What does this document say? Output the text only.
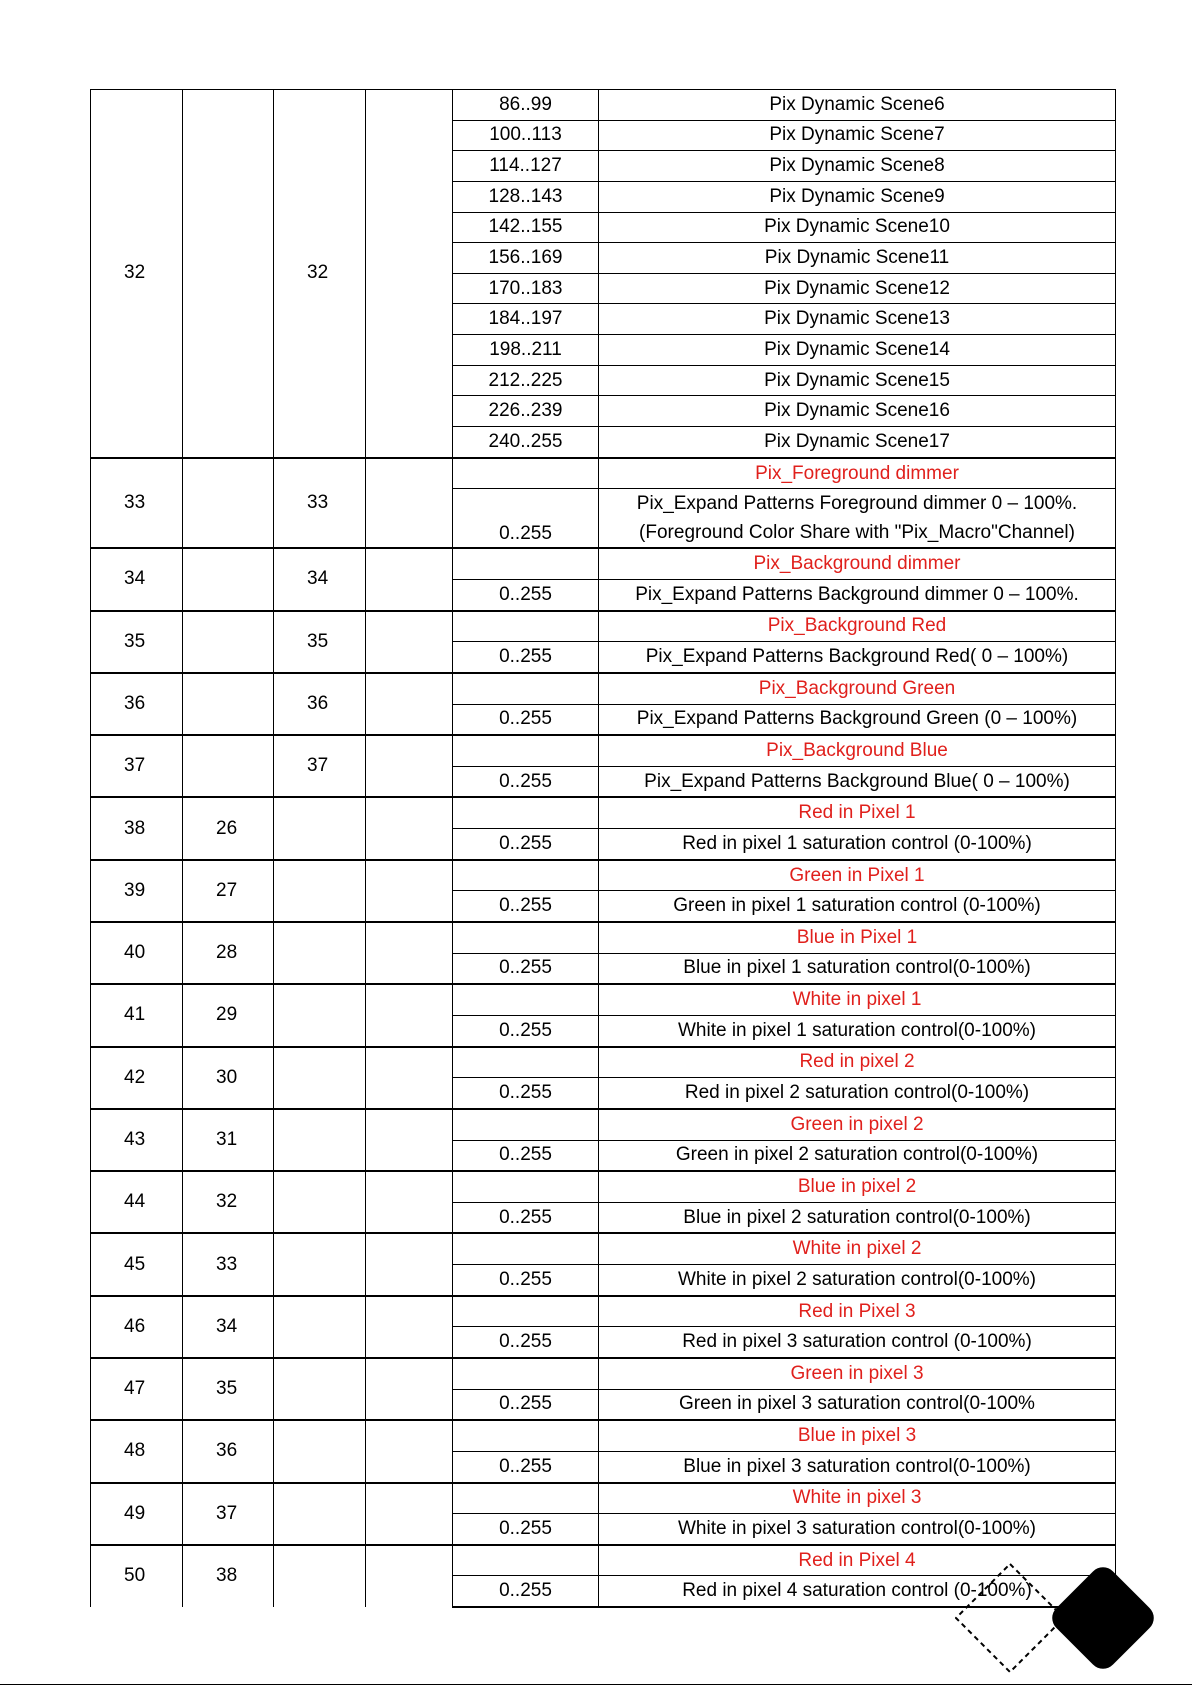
32		32		86..99	Pix Dynamic Scene6
				100..113	Pix Dynamic Scene7
				114..127	Pix Dynamic Scene8
				128..143	Pix Dynamic Scene9
				142..155	Pix Dynamic Scene10
				156..169	Pix Dynamic Scene11
				170..183	Pix Dynamic Scene12
				184..197	Pix Dynamic Scene13
				198..211	Pix Dynamic Scene14
				212..225	Pix Dynamic Scene15
				226..239	Pix Dynamic Scene16
				240..255	Pix Dynamic Scene17
33		33			Pix_Foreground dimmer
				0..255	Pix_Expand Patterns Foreground dimmer 0 – 100%.
(Foreground Color Share with "Pix_Macro"Channel)

34		34			Pix_Background dimmer
				0..255	Pix_Expand Patterns Background dimmer 0 – 100%.
35		35			Pix_Background Red
				0..255	Pix_Expand Patterns Background Red( 0 – 100%)
36		36			Pix_Background Green
				0..255	Pix_Expand Patterns Background Green (0 – 100%)
37		37			Pix_Background Blue
				0..255	Pix_Expand Patterns Background Blue( 0 – 100%)
38	26				Red in Pixel 1
				0..255	Red in pixel 1 saturation control (0-100%)
39	27				Green in Pixel 1
				0..255	Green in pixel 1 saturation control (0-100%)
40	28				Blue in Pixel 1
				0..255	Blue in pixel 1 saturation control(0-100%)
41	29				White in pixel 1
				0..255	White in pixel 1 saturation control(0-100%)
42	30				Red in pixel 2
				0..255	Red in pixel 2 saturation control(0-100%)
43	31				Green in pixel 2
				0..255	Green in pixel 2 saturation control(0-100%)
44	32				Blue in pixel 2
				0..255	Blue in pixel 2 saturation control(0-100%)
45	33				White in pixel 2
				0..255	White in pixel 2 saturation control(0-100%)
46	34				Red in Pixel 3
				0..255	Red in pixel 3 saturation control (0-100%)
47	35				Green in pixel 3
				0..255	Green in pixel 3 saturation control(0-100%
48	36				Blue in pixel 3
				0..255	Blue in pixel 3 saturation control(0-100%)
49	37				White in pixel 3
				0..255	White in pixel 3 saturation control(0-100%)
50	38				Red in Pixel 4
				0..255	Red in pixel 4 saturation control (0-100%)
